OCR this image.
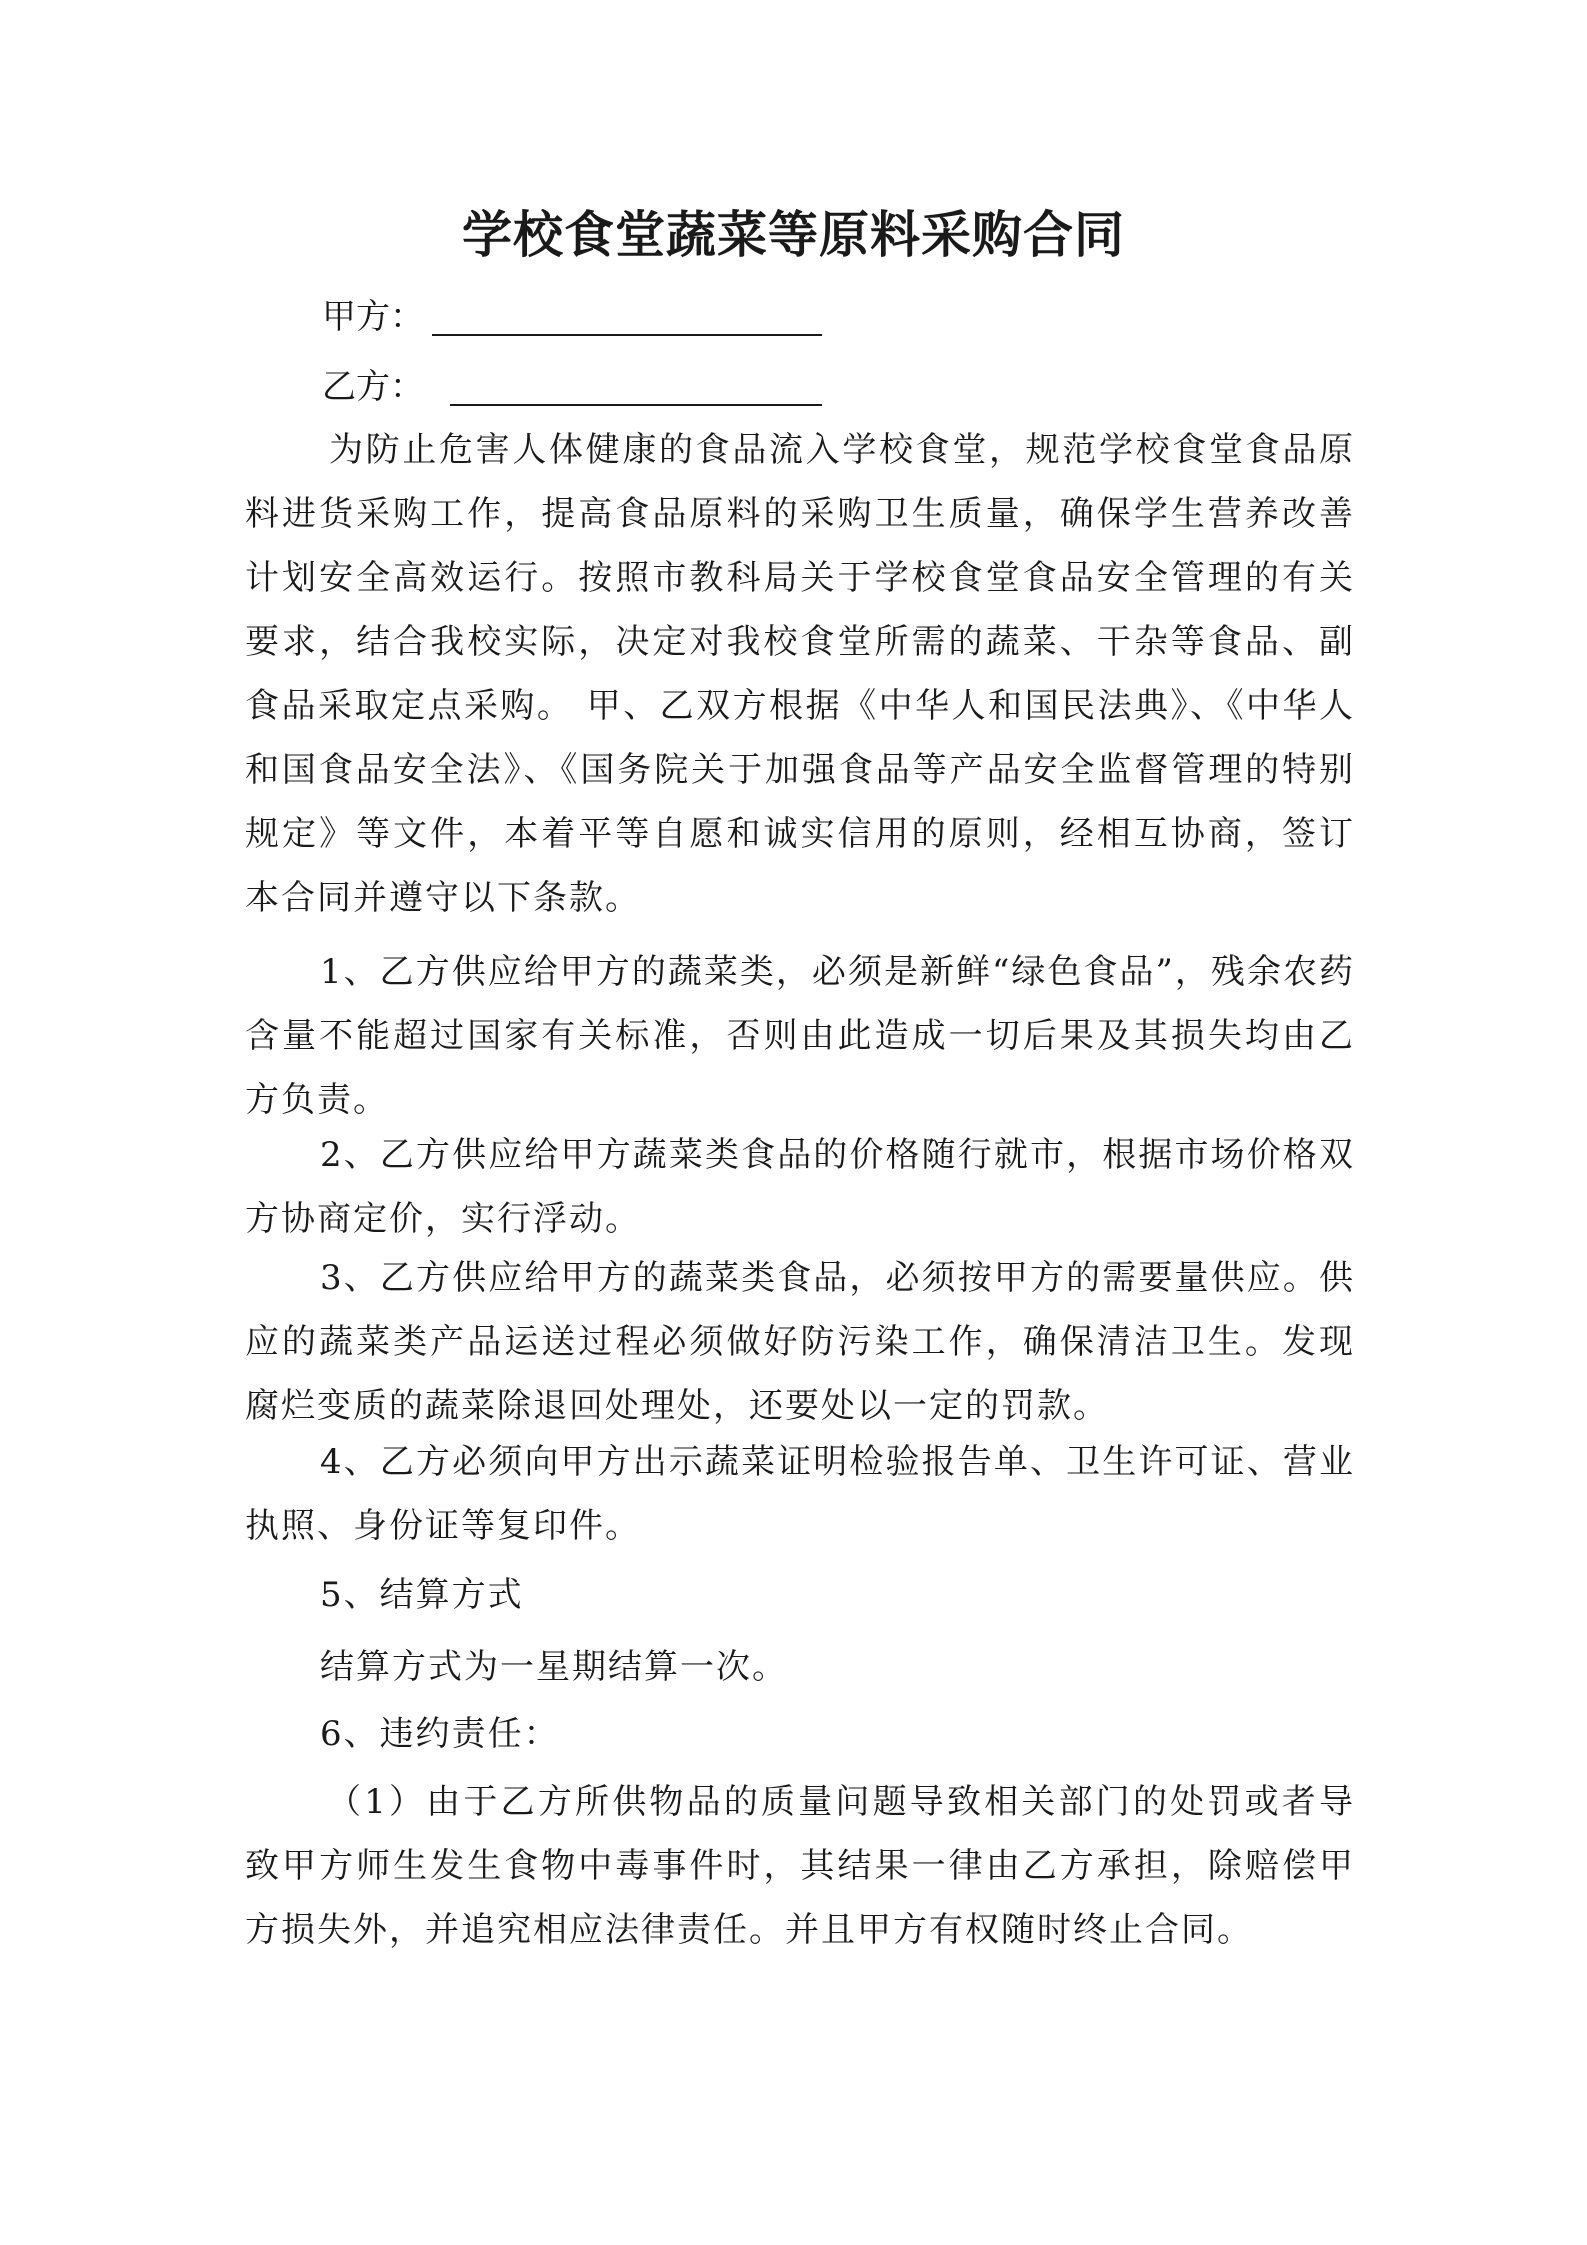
学校食堂蔬菜等原料采购合同
甲方：
乙方：

为防止危害人体健康的食品流入学校食堂，规范学校食堂食品原料进货采购工作，提高食品原料的采购卫生质量，确保学生营养改善计划安全高效运行。按照市教科局关于学校食堂食品安全管理的有关要求，结合我校实际，决定对我校食堂所需的蔬菜、干杂等食品、副食品采取定点采购。 甲、乙双方根据《中华人和国民法典》、《中华人和国食品安全法》、《国务院关于加强食品等产品安全监督管理的特别规定》等文件，本着平等自愿和诚实信用的原则，经相互协商，签订本合同并遵守以下条款。

1、乙方供应给甲方的蔬菜类，必须是新鲜“绿色食品”，残余农药含量不能超过国家有关标准，否则由此造成一切后果及其损失均由乙方负责。

2、乙方供应给甲方蔬菜类食品的价格随行就市，根据市场价格双方协商定价，实行浮动。

3、乙方供应给甲方的蔬菜类食品，必须按甲方的需要量供应。供应的蔬菜类产品运送过程必须做好防污染工作，确保清洁卫生。发现腐烂变质的蔬菜除退回处理处，还要处以一定的罚款。

4、乙方必须向甲方出示蔬菜证明检验报告单、卫生许可证、营业执照、身份证等复印件。

5、结算方式
结算方式为一星期结算一次。
6、违约责任：

（1）由于乙方所供物品的质量问题导致相关部门的处罚或者导致甲方师生发生食物中毒事件时，其结果一律由乙方承担，除赔偿甲方损失外，并追究相应法律责任。并且甲方有权随时终止合同。
